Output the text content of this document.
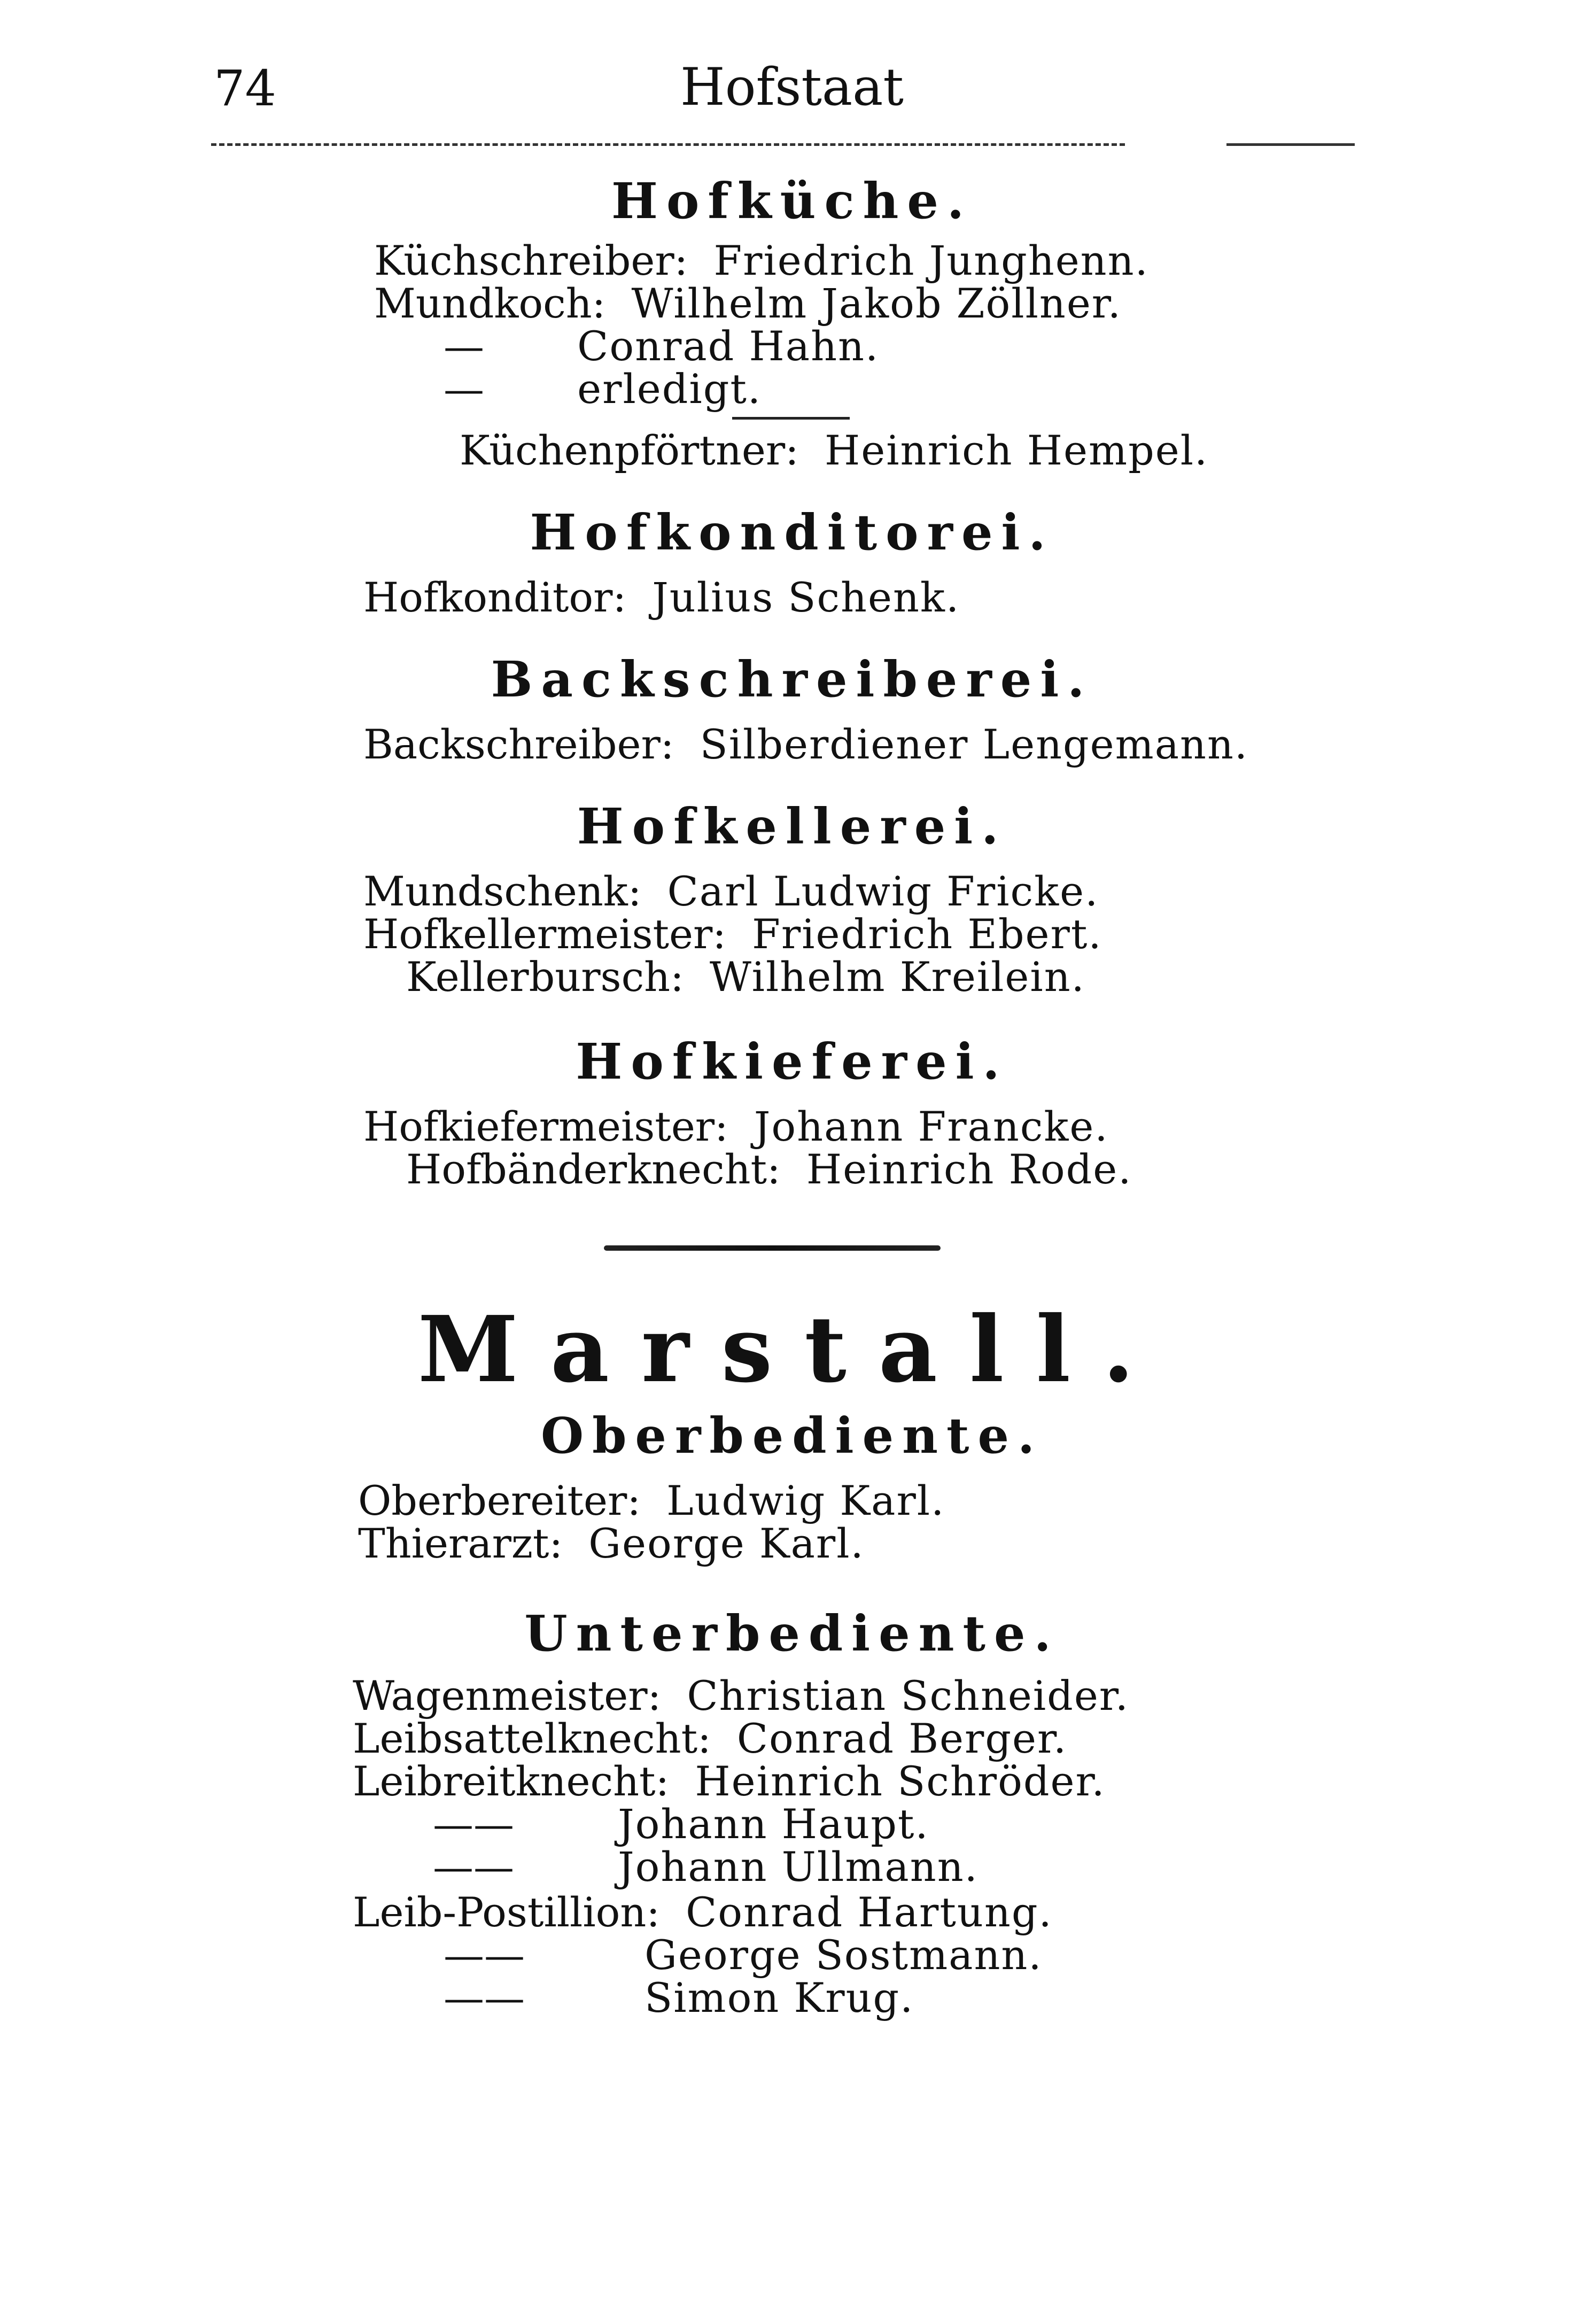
74	Hofstaat
Hofküche.
Küchschreiber: Friedrich Junghenn.
Mundkoch: Wilhelm Jakob Zöllner.
— Conrad Hahn.
— erledigt.
Küchenpförtner: Heinrich Hempel.
Hofkonditorei.
Hofkonditor: Julius Schenk.
Backschreiberei.
Backschreiber: Silberdiener Lengemann.
Hofkellerei.
Mundschenk: Carl Ludwig Fricke.
Hofkellermeister: Friedrich Ebert.
Kellerbursch: Wilhelm Kreilein.
Hofkieferei.
Hofkiefermeister: Johann Francke.
Hofbänderknecht: Heinrich Rode.
Marstall.
Oberbediente.
Oberbereiter: Ludwig Karl.
Thierarzt: George Karl.
Unterbediente.
Wagenmeister: Christian Schneider.
Leibsattelknecht: Conrad Berger.
Leibreitknecht: Heinrich Schröder.
——	Johann Haupt.
——	Johann Ullmann.
Leib-Postillion: Conrad Hartung.
——	George Sostmann.
——	Simon Krug.
